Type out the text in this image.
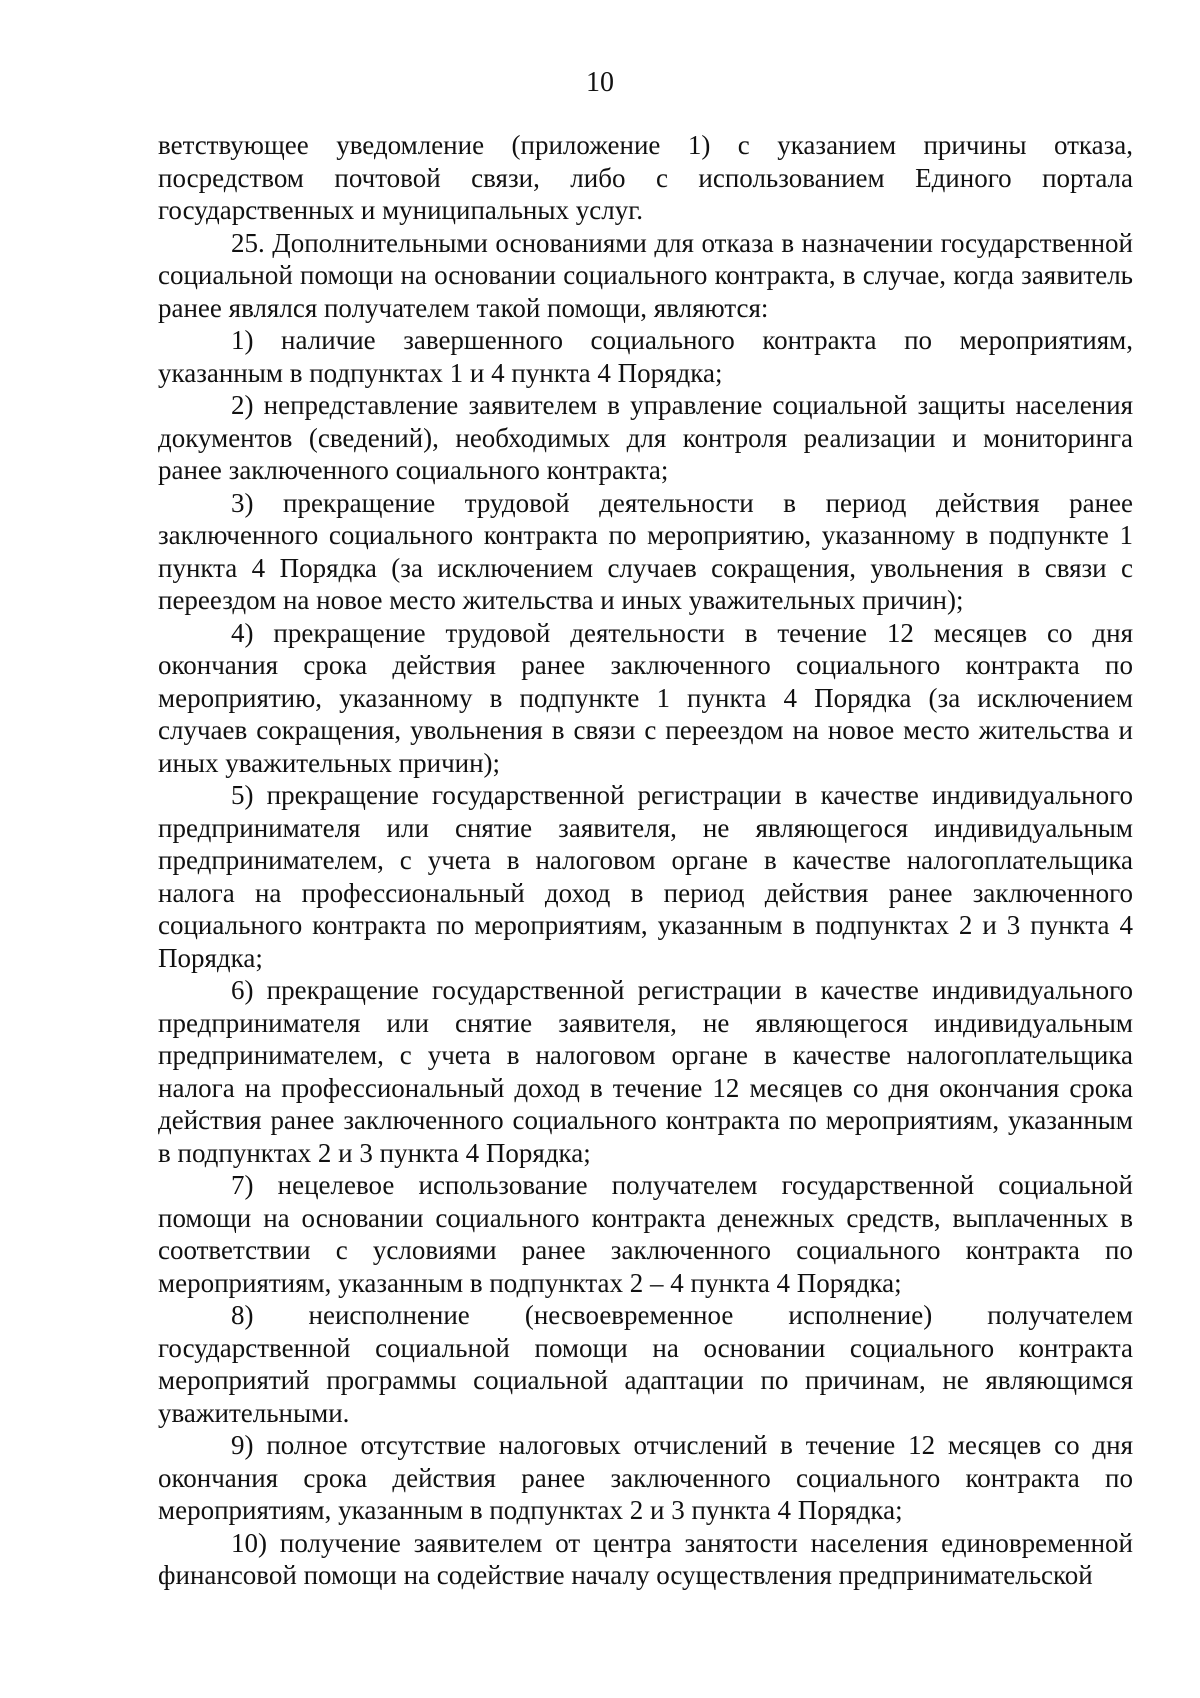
10

ветствующее уведомление (приложение 1) с указанием причины отказа, посредством почтовой связи, либо с использованием Единого портала государственных и муниципальных услуг.

25. Дополнительными основаниями для отказа в назначении государственной социальной помощи на основании социального контракта, в случае, когда заявитель ранее являлся получателем такой помощи, являются:

1) наличие завершенного социального контракта по мероприятиям, указанным в подпунктах 1 и 4 пункта 4 Порядка;

2) непредставление заявителем в управление социальной защиты населения документов (сведений), необходимых для контроля реализации и мониторинга ранее заключенного социального контракта;

3) прекращение трудовой деятельности в период действия ранее заключенного социального контракта по мероприятию, указанному в подпункте 1 пункта 4 Порядка (за исключением случаев сокращения, увольнения в связи с переездом на новое место жительства и иных уважительных причин);

4) прекращение трудовой деятельности в течение 12 месяцев со дня окончания срока действия ранее заключенного социального контракта по мероприятию, указанному в подпункте 1 пункта 4 Порядка (за исключением случаев сокращения, увольнения в связи с переездом на новое место жительства и иных уважительных причин);

5) прекращение государственной регистрации в качестве индивидуального предпринимателя или снятие заявителя, не являющегося индивидуальным предпринимателем, с учета в налоговом органе в качестве налогоплательщика налога на профессиональный доход в период действия ранее заключенного социального контракта по мероприятиям, указанным в подпунктах 2 и 3 пункта 4 Порядка;

6) прекращение государственной регистрации в качестве индивидуального предпринимателя или снятие заявителя, не являющегося индивидуальным предпринимателем, с учета в налоговом органе в качестве налогоплательщика налога на профессиональный доход в течение 12 месяцев со дня окончания срока действия ранее заключенного социального контракта по мероприятиям, указанным в подпунктах 2 и 3 пункта 4 Порядка;

7) нецелевое использование получателем государственной социальной помощи на основании социального контракта денежных средств, выплаченных в соответствии с условиями ранее заключенного социального контракта по мероприятиям, указанным в подпунктах 2 – 4 пункта 4 Порядка;

8) неисполнение (несвоевременное исполнение) получателем государственной социальной помощи на основании социального контракта мероприятий программы социальной адаптации по причинам, не являющимся уважительными.

9) полное отсутствие налоговых отчислений в течение 12 месяцев со дня окончания срока действия ранее заключенного социального контракта по мероприятиям, указанным в подпунктах 2 и 3 пункта 4 Порядка;

10) получение заявителем от центра занятости населения единовременной финансовой помощи на содействие началу осуществления предпринимательской
